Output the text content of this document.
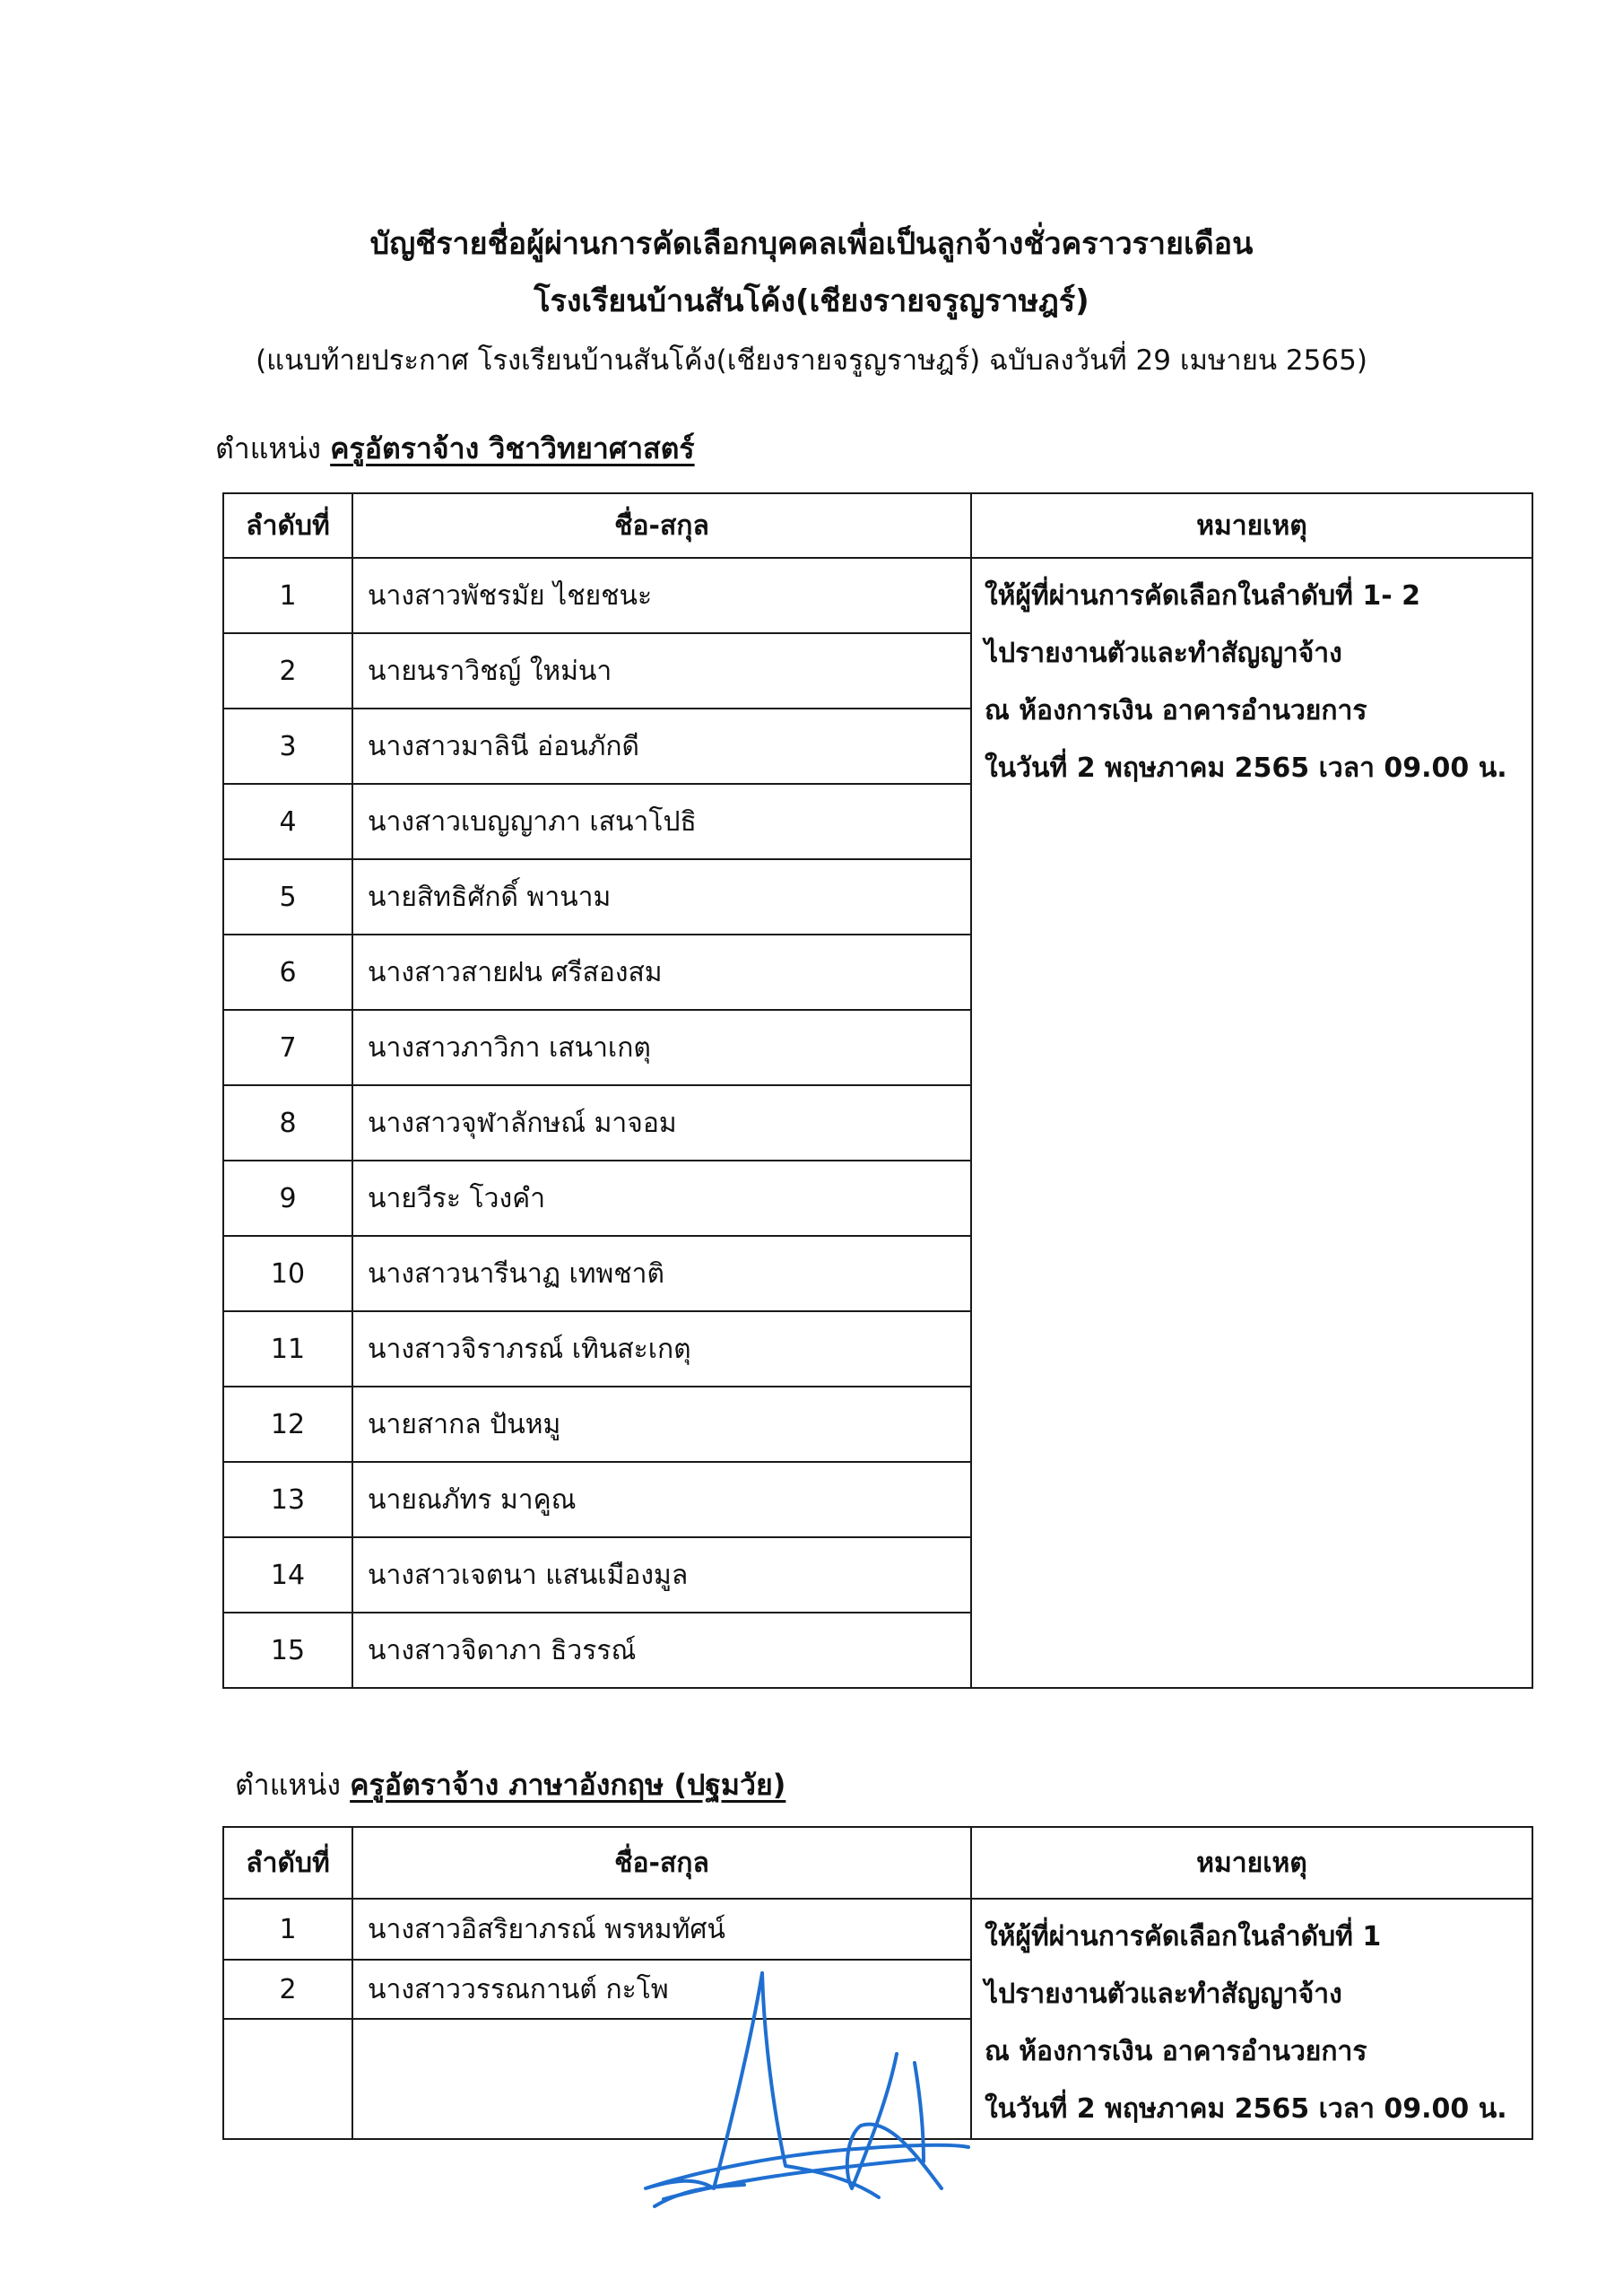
บัญชีรายชื่อผู้ผ่านการคัดเลือกบุคคลเพื่อเป็นลูกจ้างชั่วคราวรายเดือน
โรงเรียนบ้านสันโค้ง(เชียงรายจรูญราษฎร์)
(แนบท้ายประกาศ โรงเรียนบ้านสันโค้ง(เชียงรายจรูญราษฎร์) ฉบับลงวันที่ 29 เมษายน 2565)
ตำแหน่ง ครูอัตราจ้าง วิชาวิทยาศาสตร์
ลำดับที่	ชื่อ-สกุล	หมายเหตุ
1	นางสาวพัชรมัย ไชยชนะ	ให้ผู้ที่ผ่านการคัดเลือกในลำดับที่ 1- 2
ไปรายงานตัวและทำสัญญาจ้าง
ณ ห้องการเงิน อาคารอำนวยการ
ในวันที่ 2 พฤษภาคม 2565 เวลา 09.00 น.

2	นายนราวิชญ์ ใหม่นา	
3	นางสาวมาลินี อ่อนภักดี	
4	นางสาวเบญญาภา เสนาโปธิ	
5	นายสิทธิศักดิ์ พานาม	
6	นางสาวสายฝน ศรีสองสม	
7	นางสาวภาวิกา เสนาเกตุ	
8	นางสาวจุฬาลักษณ์ มาจอม	
9	นายวีระ โวงคำ	
10	นางสาวนารีนาฏ เทพชาติ	
11	นางสาวจิราภรณ์ เทินสะเกตุ	
12	นายสากล ปันหมู	
13	นายณภัทร มาคูณ	
14	นางสาวเจตนา แสนเมืองมูล	
15	นางสาวจิดาภา ธิวรรณ์	
ตำแหน่ง ครูอัตราจ้าง ภาษาอังกฤษ (ปฐมวัย)
ลำดับที่	ชื่อ-สกุล	หมายเหตุ
1	นางสาวอิสริยาภรณ์ พรหมทัศน์	ให้ผู้ที่ผ่านการคัดเลือกในลำดับที่ 1
ไปรายงานตัวและทำสัญญาจ้าง
ณ ห้องการเงิน อาคารอำนวยการ
ในวันที่ 2 พฤษภาคม 2565 เวลา 09.00 น.

2	นางสาววรรณกานต์ กะโพ	
